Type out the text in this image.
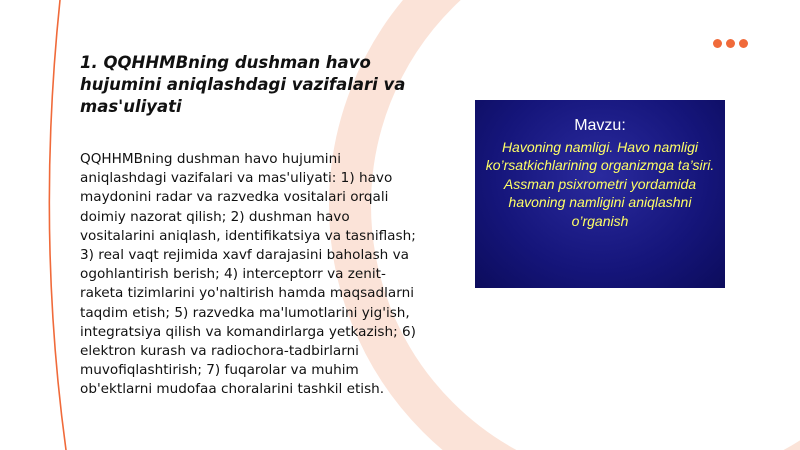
1. QQHHMBning dushman havo hujumini aniqlashdagi vazifalari va mas'uliyati

QQHHMBning dushman havo hujumini aniqlashdagi vazifalari va mas'uliyati: 1) havo maydonini radar va razvedka vositalari orqali doimiy nazorat qilish; 2) dushman havo vositalarini aniqlash, identifikatsiya va tasniflash; 3) real vaqt rejimida xavf darajasini baholash va ogohlantirish berish; 4) interceptorr va zenit-raketa tizimlarini yo'naltirish hamda maqsadlarni taqdim etish; 5) razvedka ma'lumotlarini yig'ish, integratsiya qilish va komandirlarga yetkazish; 6) elektron kurash va radiochora-tadbirlarni muvofiqlashtirish; 7) fuqarolar va muhim ob'ektlarni mudofaa choralarini tashkil etish.

Mavzu:

Havoning namligi. Havo namligi ko’rsatkichlarining organizmga ta’siri. Assman psixrometri yordamida havoning namligini aniqlashni o’rganish
